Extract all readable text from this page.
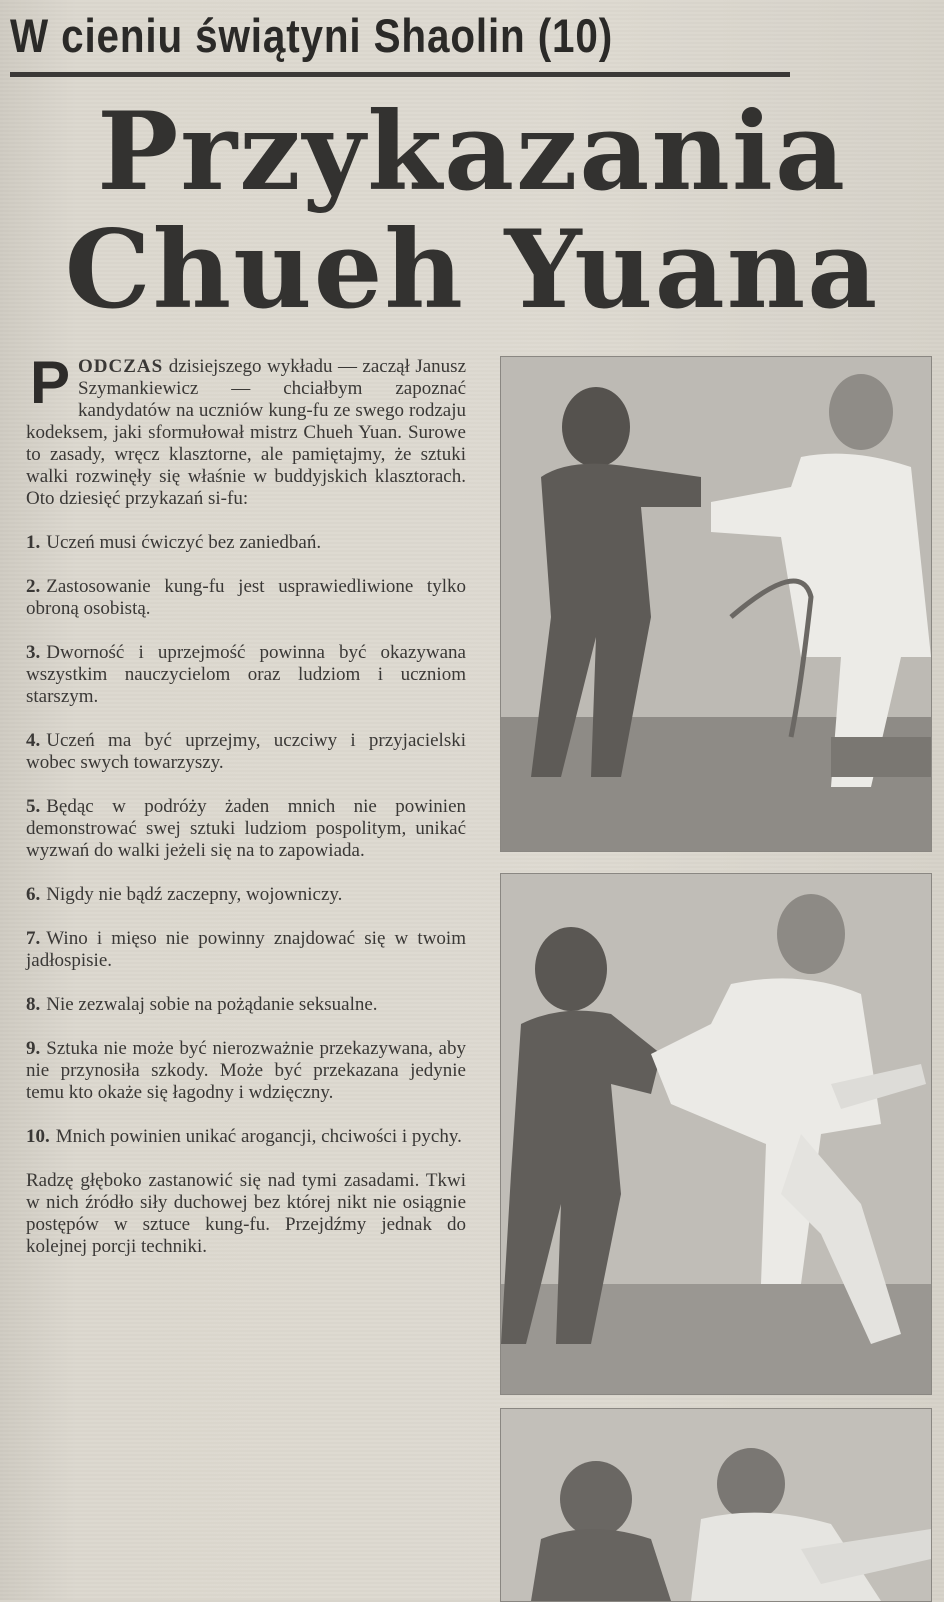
W cieniu świątyni Shaolin (10)
Przykazania
Chueh Yuana

PODCZAS dzisiejszego wykładu — zaczął Janusz Szymankiewicz — chciałbym zapoznać kandydatów na uczniów kung-fu ze swego rodzaju kodeksem, jaki sformułował mistrz Chueh Yuan. Surowe to zasady, wręcz klasztorne, ale pamiętajmy, że sztuki walki rozwinęły się właśnie w buddyjskich klasztorach. Oto dziesięć przykazań si-fu:

1. Uczeń musi ćwiczyć bez zaniedbań.

2. Zastosowanie kung-fu jest usprawiedliwione tylko obroną osobistą.

3. Dworność i uprzejmość powinna być okazywana wszystkim nauczycielom oraz ludziom i uczniom starszym.

4. Uczeń ma być uprzejmy, uczciwy i przyjacielski wobec swych towarzyszy.

5. Będąc w podróży żaden mnich nie powinien demonstrować swej sztuki ludziom pospolitym, unikać wyzwań do walki jeżeli się na to zapowiada.

6. Nigdy nie bądź zaczepny, wojowniczy.

7. Wino i mięso nie powinny znajdować się w twoim jadłospisie.

8. Nie zezwalaj sobie na pożądanie seksualne.

9. Sztuka nie może być nierozważnie przekazywana, aby nie przynosiła szkody. Może być przekazana jedynie temu kto okaże się łagodny i wdzięczny.

10. Mnich powinien unikać arogancji, chciwości i pychy.

Radzę głęboko zastanowić się nad tymi zasadami. Tkwi w nich źródło siły duchowej bez której nikt nie osiągnie postępów w sztuce kung-fu. Przejdźmy jednak do kolejnej porcji techniki.
